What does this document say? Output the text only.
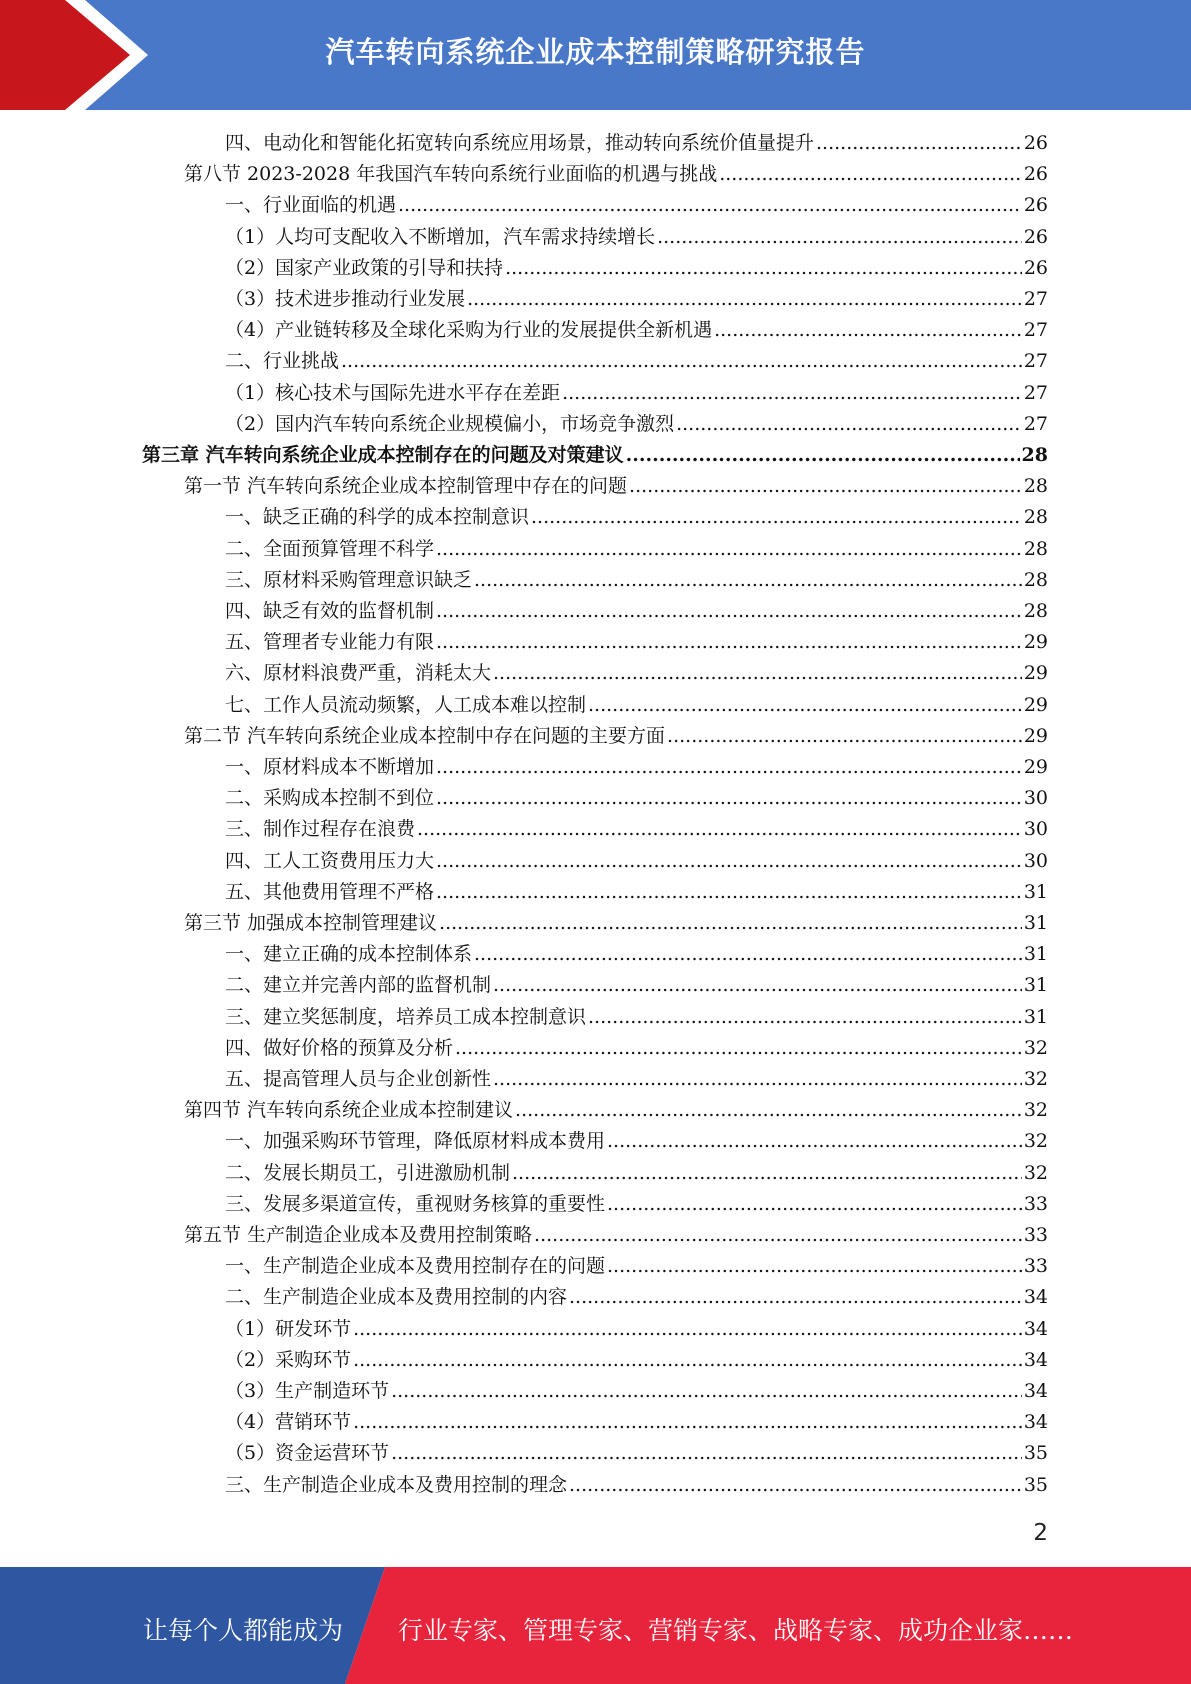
汽车转向系统企业成本控制策略研究报告
四、电动化和智能化拓宽转向系统应用场景，推动转向系统价值量提升 .....	26
第八节 2023-2028 年我国汽车转向系统行业面临的机遇与挑战 .....	26
一、行业面临的机遇 .....	26
（1）人均可支配收入不断增加，汽车需求持续增长 .....	26
（2）国家产业政策的引导和扶持 .....	26
（3）技术进步推动行业发展 .....	27
（4）产业链转移及全球化采购为行业的发展提供全新机遇 .....	27
二、行业挑战 .....	27
（1）核心技术与国际先进水平存在差距 .....	27
（2）国内汽车转向系统企业规模偏小，市场竞争激烈 .....	27
第三章 汽车转向系统企业成本控制存在的问题及对策建议 .....	28
第一节 汽车转向系统企业成本控制管理中存在的问题 .....	28
一、缺乏正确的科学的成本控制意识 .....	28
二、全面预算管理不科学 .....	28
三、原材料采购管理意识缺乏 .....	28
四、缺乏有效的监督机制 .....	28
五、管理者专业能力有限 .....	29
六、原材料浪费严重，消耗太大 .....	29
七、工作人员流动频繁，人工成本难以控制 .....	29
第二节 汽车转向系统企业成本控制中存在问题的主要方面 .....	29
一、原材料成本不断增加 .....	29
二、采购成本控制不到位 .....	30
三、制作过程存在浪费 .....	30
四、工人工资费用压力大 .....	30
五、其他费用管理不严格 .....	31
第三节 加强成本控制管理建议 .....	31
一、建立正确的成本控制体系 .....	31
二、建立并完善内部的监督机制 .....	31
三、建立奖惩制度，培养员工成本控制意识 .....	31
四、做好价格的预算及分析 .....	32
五、提高管理人员与企业创新性 .....	32
第四节 汽车转向系统企业成本控制建议 .....	32
一、加强采购环节管理，降低原材料成本费用 .....	32
二、发展长期员工，引进激励机制 .....	32
三、发展多渠道宣传，重视财务核算的重要性 .....	33
第五节 生产制造企业成本及费用控制策略 .....	33
一、生产制造企业成本及费用控制存在的问题 .....	33
二、生产制造企业成本及费用控制的内容 .....	34
（1）研发环节 .....	34
（2）采购环节 .....	34
（3）生产制造环节 .....	34
（4）营销环节 .....	34
（5）资金运营环节 .....	35
三、生产制造企业成本及费用控制的理念 .....	35
2
让每个人都能成为 行业专家、管理专家、营销专家、战略专家、成功企业家……
